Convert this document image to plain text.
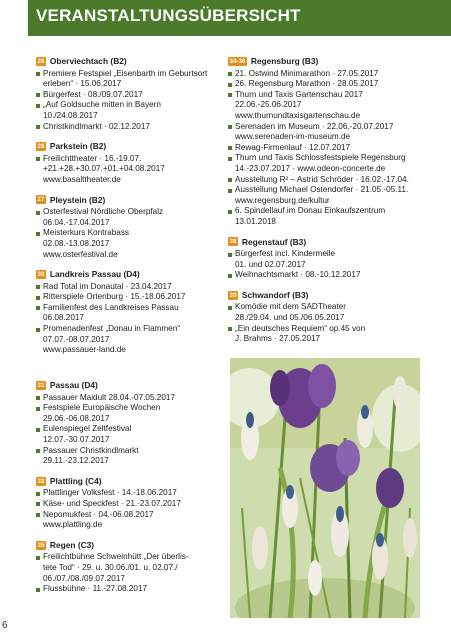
VERANSTALTUNGSÜBERSICHT
26 Oberviechtach (B2)
Premiere Festspiel „Eisenbarth im Geburtsort
erleben“ · 15.06.2017
Bürgerfest · 08./09.07.2017
„Auf Goldsuche mitten in Bayern
10./24.08.2017
Christkindlmarkt · 02.12.2017
28 Parkstein (B2)
Freilichttheater · 16.-19.07.
+21.+28.+30.07.+01.+04.08.2017
www.basalttheater.de
27 Pleystein (B2)
Osterfestival Nördliche Oberpfalz
06.04.-17.04.2017
Meisterkurs Kontrabass
02.08.-13.08.2017
www.osterfestival.de
30 Landkreis Passau (D4)
Rad Total im Donautal · 23.04.2017
Ritterspiele Ortenburg · 15.-18.06.2017
Familienfest des Landkreises Passau
06.08.2017
Promenadenfest „Donau in Flammen“
07.07.-08.07.2017
www.passauer-land.de
31 Passau (D4)
Passauer Maidult 28.04.-07.05.2017
Festspiele Europäische Wochen
29.06.-06.08.2017
Eulenspiegel Zeltfestival
12.07.-30.07.2017
Passauer Christkindlmarkt
29.11.-23.12.2017
32 Plattling (C4)
Plattlinger Volksfest · 14.-18.06.2017
Käse- und Speckfest · 21.-23.07.2017
Nepomukfest · 04.-06.08.2017
www.plattling.de
35 Regen (C3)
Freilichtbühne Schweinhütt „Der überlis-
tete Tod“ · 29. u. 30.06./01. u. 02.07./
06./07./08./09.07.2017
Flussbühne · 11.-27.08.2017
34-36 Regensburg (B3)
21. Ostwind Minimarathon · 27.05.2017
26. Regensburg Marathon · 28.05.2017
Thurn und Taxis Gartenschau 2017
22.06.-25.06.2017
www.thurnundtaxisgartenschau.de
Serenaden im Museum · 22.06.-20.07.2017
www.serenaden-im-museum.de
Rewag-Firmenlauf · 12.07.2017
Thurn und Taxis Schlossfestspiele Regensburg
14.-23.07.2017 · www.odeon-concerte.de
Ausstellung R² – Astrid Schröder · 16.02.-17.04.
Ausstellung Michael Ostendorfer · 21.05.-05.11.
www.regensburg.de/kultur
6. Spindellauf im Donau Einkaufszentrum
13.01.2018
38 Regenstauf (B3)
Bürgerfest incl. Kindermeile
01. und 02.07.2017
Weihnachtsmarkt · 08.-10.12.2017
39 Schwandorf (B3)
Komödie mit dem SADTheater
28./29.04. und 05./06.05.2017
„Ein deutsches Requiem“ op.45 von
J. Brahms · 27.05.2017
6
